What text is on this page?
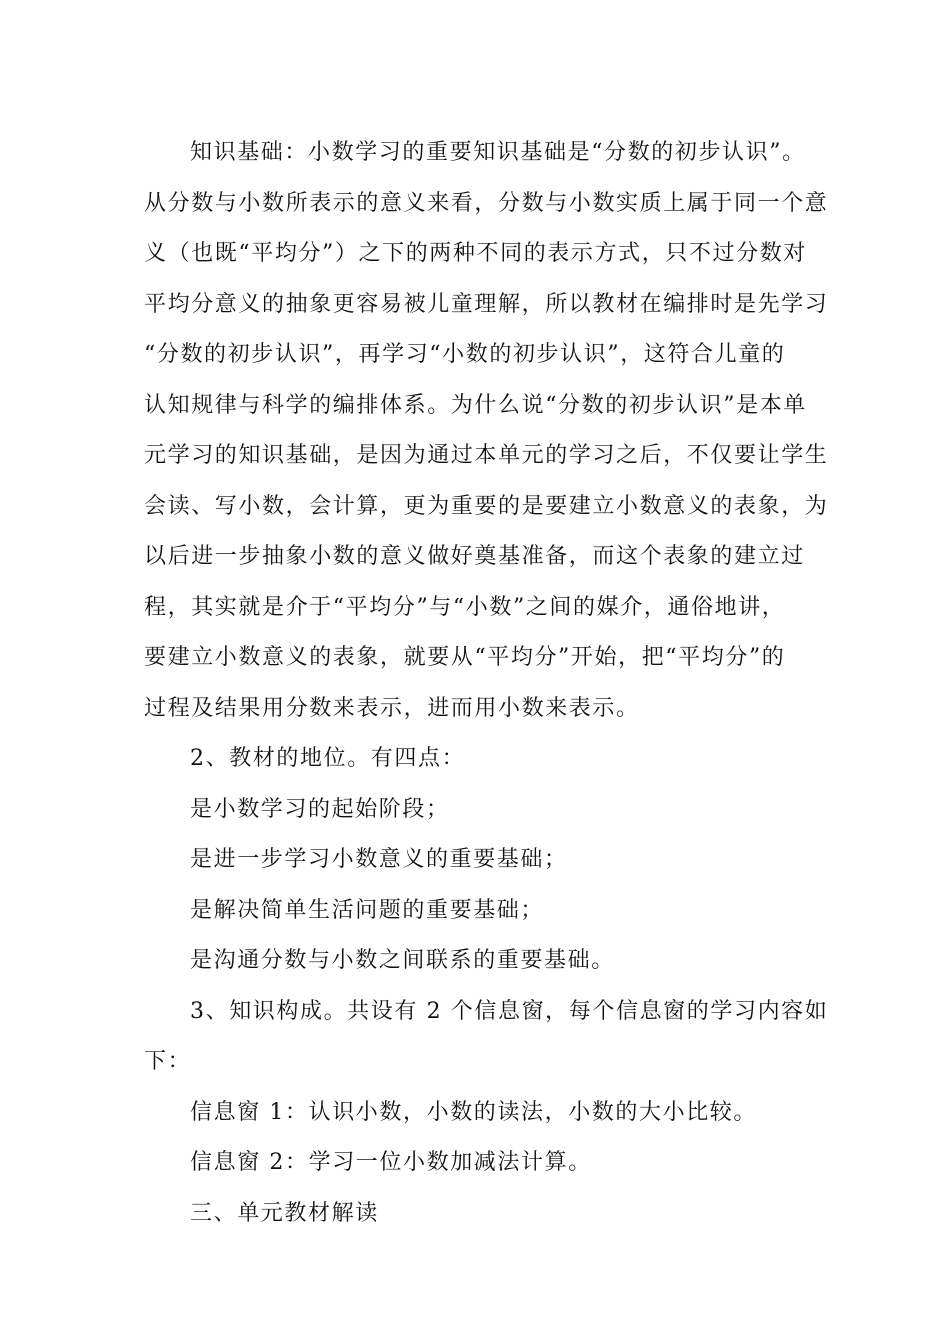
知识基础：小数学习的重要知识基础是“分数的初步认识”。
从分数与小数所表示的意义来看，分数与小数实质上属于同一个意
义（也既“平均分”）之下的两种不同的表示方式，只不过分数对
平均分意义的抽象更容易被儿童理解，所以教材在编排时是先学习
“分数的初步认识”，再学习“小数的初步认识”，这符合儿童的
认知规律与科学的编排体系。为什么说“分数的初步认识”是本单
元学习的知识基础，是因为通过本单元的学习之后，不仅要让学生
会读、写小数，会计算，更为重要的是要建立小数意义的表象，为
以后进一步抽象小数的意义做好奠基准备，而这个表象的建立过
程，其实就是介于“平均分”与“小数”之间的媒介，通俗地讲，
要建立小数意义的表象，就要从“平均分”开始，把“平均分”的
过程及结果用分数来表示，进而用小数来表示。

2、教材的地位。有四点：

是小数学习的起始阶段；

是进一步学习小数意义的重要基础；

是解决简单生活问题的重要基础；

是沟通分数与小数之间联系的重要基础。

3、知识构成。共设有 2 个信息窗，每个信息窗的学习内容如
下：

信息窗 1：认识小数，小数的读法，小数的大小比较。

信息窗 2：学习一位小数加减法计算。

三、单元教材解读
